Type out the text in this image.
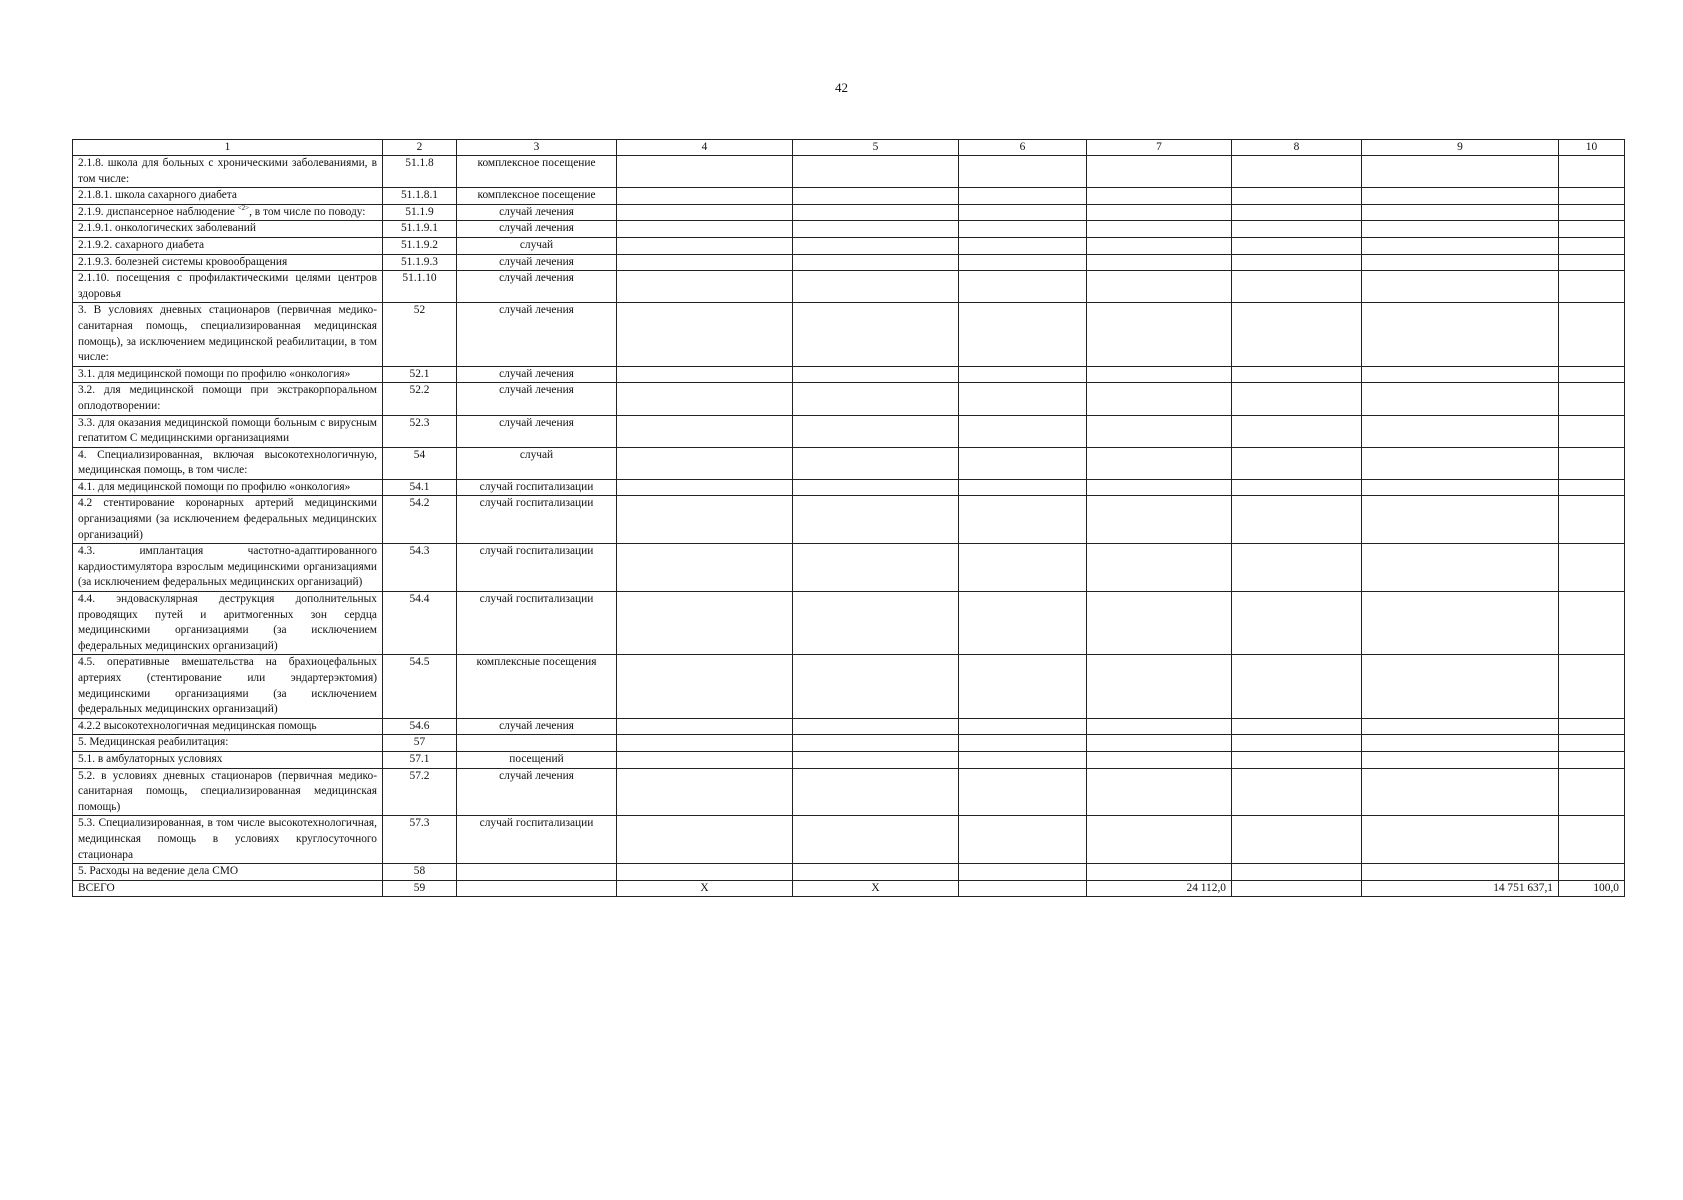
42
1	2	3	4	5	6	7	8	9	10
2.1.8. школа для больных с хроническими заболеваниями, в том числе:	51.1.8	комплексное посещение							
2.1.8.1. школа сахарного диабета	51.1.8.1	комплексное посещение							
2.1.9. диспансерное наблюдение $^{<2>}$, в том числе по поводу:	51.1.9	случай лечения							
2.1.9.1. онкологических заболеваний	51.1.9.1	случай лечения							
2.1.9.2. сахарного диабета	51.1.9.2	случай							
2.1.9.3. болезней системы кровообращения	51.1.9.3	случай лечения							
2.1.10. посещения с профилактическими целями центров здоровья	51.1.10	случай лечения							
3. В условиях дневных стационаров (первичная медико-санитарная помощь, специализированная медицинская помощь), за исключением медицинской реабилитации, в том числе:	52	случай лечения							
3.1. для медицинской помощи по профилю «онкология»	52.1	случай лечения							
3.2. для медицинской помощи при экстракорпоральном оплодотворении:	52.2	случай лечения							
3.3. для оказания медицинской помощи больным с вирусным гепатитом С медицинскими организациями	52.3	случай лечения							
4. Специализированная, включая высокотехнологичную, медицинская помощь, в том числе:	54	случай							
4.1. для медицинской помощи по профилю «онкология»	54.1	случай госпитализации							
4.2 стентирование коронарных артерий медицинскими организациями (за исключением федеральных медицинских организаций)	54.2	случай госпитализации							
4.3. имплантация частотно-адаптированного кардиостимулятора взрослым медицинскими организациями (за исключением федеральных медицинских организаций)	54.3	случай госпитализации							
4.4. эндоваскулярная деструкция дополнительных проводящих путей и аритмогенных зон сердца медицинскими организациями (за исключением федеральных медицинских организаций)	54.4	случай госпитализации							
4.5. оперативные вмешательства на брахиоцефальных артериях (стентирование или эндартерэктомия) медицинскими организациями (за исключением федеральных медицинских организаций)	54.5	комплексные посещения							
4.2.2 высокотехнологичная медицинская помощь	54.6	случай лечения							
5. Медицинская реабилитация:	57								
5.1. в амбулаторных условиях	57.1	посещений							
5.2. в условиях дневных стационаров (первичная медико-санитарная помощь, специализированная медицинская помощь)	57.2	случай лечения							
5.3. Специализированная, в том числе высокотехнологичная, медицинская помощь в условиях круглосуточного стационара	57.3	случай госпитализации							
5. Расходы на ведение дела СМО	58								
ВСЕГО	59		Х	Х		24 112,0		14 751 637,1	100,0
